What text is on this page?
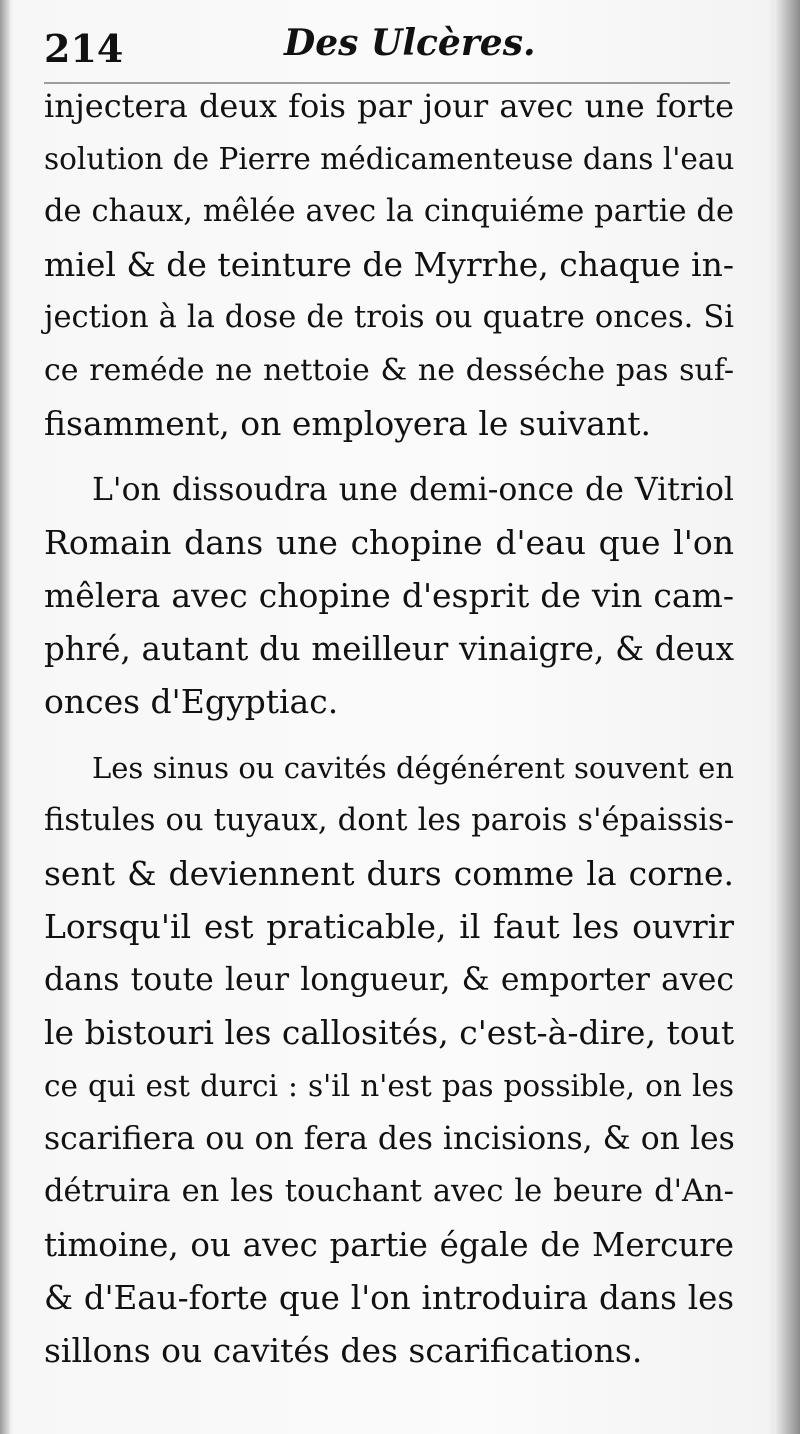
214	Des Ulcères.
injectera deux fois par jour avec une forte
solution de Pierre médicamenteuse dans l'eau
de chaux, mêlée avec la cinquiéme partie de
miel & de teinture de Myrrhe, chaque in-
jection à la dose de trois ou quatre onces. Si
ce reméde ne nettoie & ne desséche pas suf-
fisamment, on employera le suivant.
L'on dissoudra une demi-once de Vitriol
Romain dans une chopine d'eau que l'on
mêlera avec chopine d'esprit de vin cam-
phré, autant du meilleur vinaigre, & deux
onces d'Egyptiac.
Les sinus ou cavités dégénérent souvent en
fistules ou tuyaux, dont les parois s'épaissis-
sent & deviennent durs comme la corne.
Lorsqu'il est praticable, il faut les ouvrir
dans toute leur longueur, & emporter avec
le bistouri les callosités, c'est-à-dire, tout
ce qui est durci : s'il n'est pas possible, on les
scarifiera ou on fera des incisions, & on les
détruira en les touchant avec le beure d'An-
timoine, ou avec partie égale de Mercure
& d'Eau-forte que l'on introduira dans les
sillons ou cavités des scarifications.
